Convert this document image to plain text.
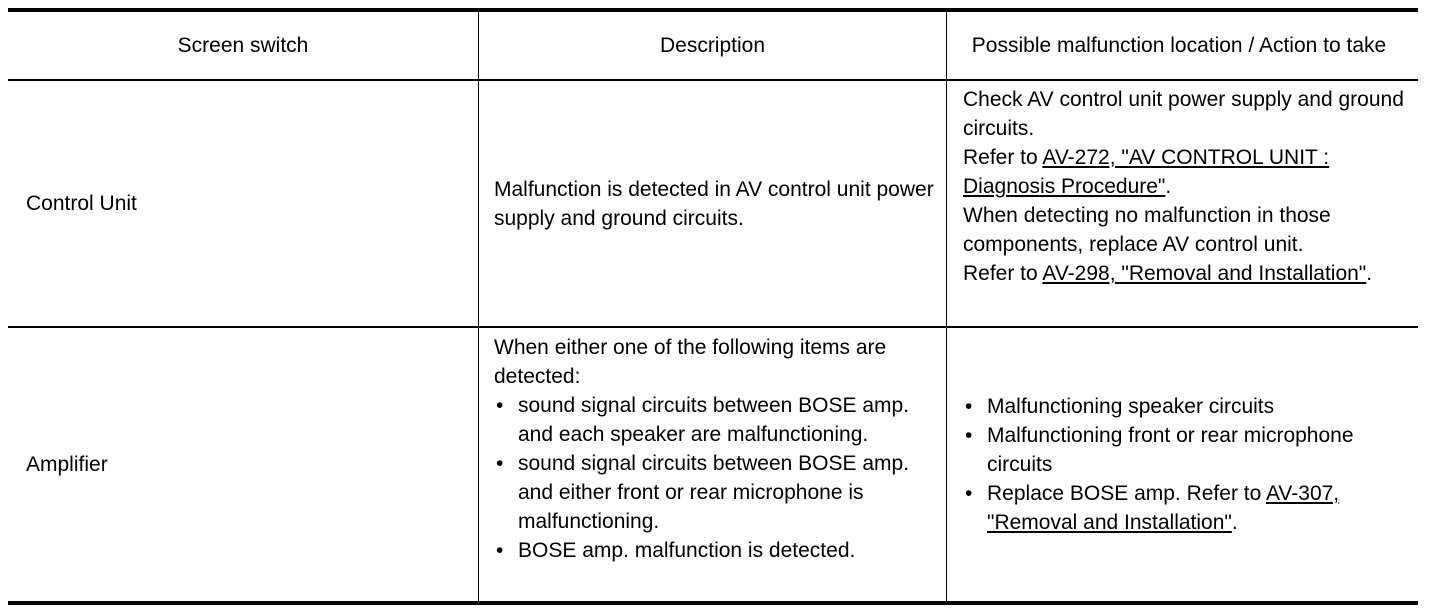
Screen switch	Description	Possible malfunction location / Action to take
Control Unit
Malfunction is detected in AV control unit power supply and ground circuits.
Check AV control unit power supply and ground circuits.
Refer to AV-272, "AV CONTROL UNIT : Diagnosis Procedure".
When detecting no malfunction in those components, replace AV control unit.
Refer to AV-298, "Removal and Installation".
Amplifier
When either one of the following items are detected:
• sound signal circuits between BOSE amp. and each speaker are malfunctioning.
• sound signal circuits between BOSE amp. and either front or rear microphone is malfunctioning.
• BOSE amp. malfunction is detected.
• Malfunctioning speaker circuits
• Malfunctioning front or rear microphone circuits
• Replace BOSE amp. Refer to AV-307, "Removal and Installation".
